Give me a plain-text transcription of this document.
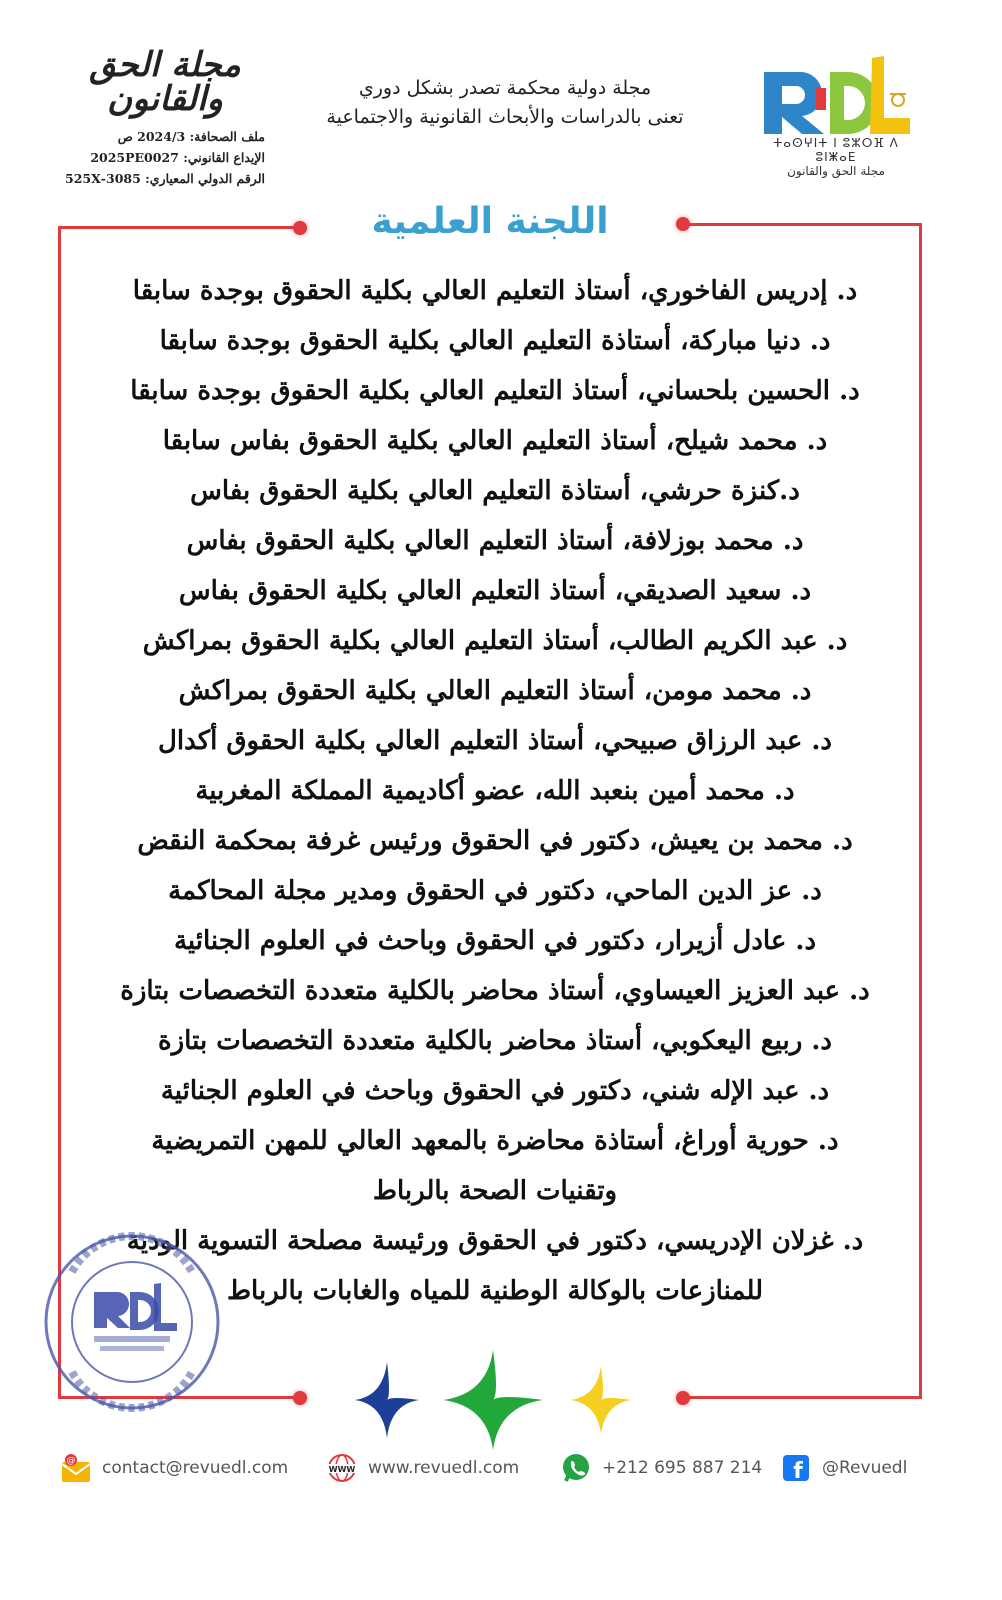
مجلة الحق والقانون
ملف الصحافة: 2024/3 ص
الإيداع القانوني: 2025PE0027
الرقم الدولي المعياري: 3085-525X
مجلة دولية محكمة تصدر بشكل دوري
تعنى بالدراسات والأبحاث القانونية والاجتماعية
ⵜⴰⵙⵖⵏⵜ ⵏ ⵓⵣⵔⴼ ⴷ ⵓⵏⵥⴰⴹ
مجلة الحق والقانون
اللجنة العلمية
د. إدريس الفاخوري، أستاذ التعليم العالي بكلية الحقوق بوجدة سابقا
د. دنيا مباركة، أستاذة التعليم العالي بكلية الحقوق بوجدة سابقا
د. الحسين بلحساني، أستاذ التعليم العالي بكلية الحقوق بوجدة سابقا
د. محمد شيلح، أستاذ التعليم العالي بكلية الحقوق بفاس سابقا
د.كنزة حرشي، أستاذة التعليم العالي بكلية الحقوق بفاس
د. محمد بوزلافة، أستاذ التعليم العالي بكلية الحقوق بفاس
د. سعيد الصديقي، أستاذ التعليم العالي بكلية الحقوق بفاس
د. عبد الكريم الطالب، أستاذ التعليم العالي بكلية الحقوق بمراكش
د. محمد مومن، أستاذ التعليم العالي بكلية الحقوق بمراكش
د. عبد الرزاق صبيحي، أستاذ التعليم العالي بكلية الحقوق أكدال
د. محمد أمين بنعبد الله، عضو أكاديمية المملكة المغربية
د. محمد بن يعيش، دكتور في الحقوق ورئيس غرفة بمحكمة النقض
د. عز الدين الماحي، دكتور في الحقوق ومدير مجلة المحاكمة
د. عادل أزيرار، دكتور في الحقوق وباحث في العلوم الجنائية
د. عبد العزيز العيساوي، أستاذ محاضر بالكلية متعددة التخصصات بتازة
د. ربيع اليعكوبي، أستاذ محاضر بالكلية متعددة التخصصات بتازة
د. عبد الإله شني، دكتور في الحقوق وباحث في العلوم الجنائية
د. حورية أوراغ، أستاذة محاضرة بالمعهد العالي للمهن التمريضية
وتقنيات الصحة بالرباط
د. غزلان الإدريسي، دكتور في الحقوق ورئيسة مصلحة التسوية الودية
للمنازعات بالوكالة الوطنية للمياه والغابات بالرباط
@ contact@revuedl.com	WWW www.revuedl.com	+212 695 887 214 f @Revuedl
